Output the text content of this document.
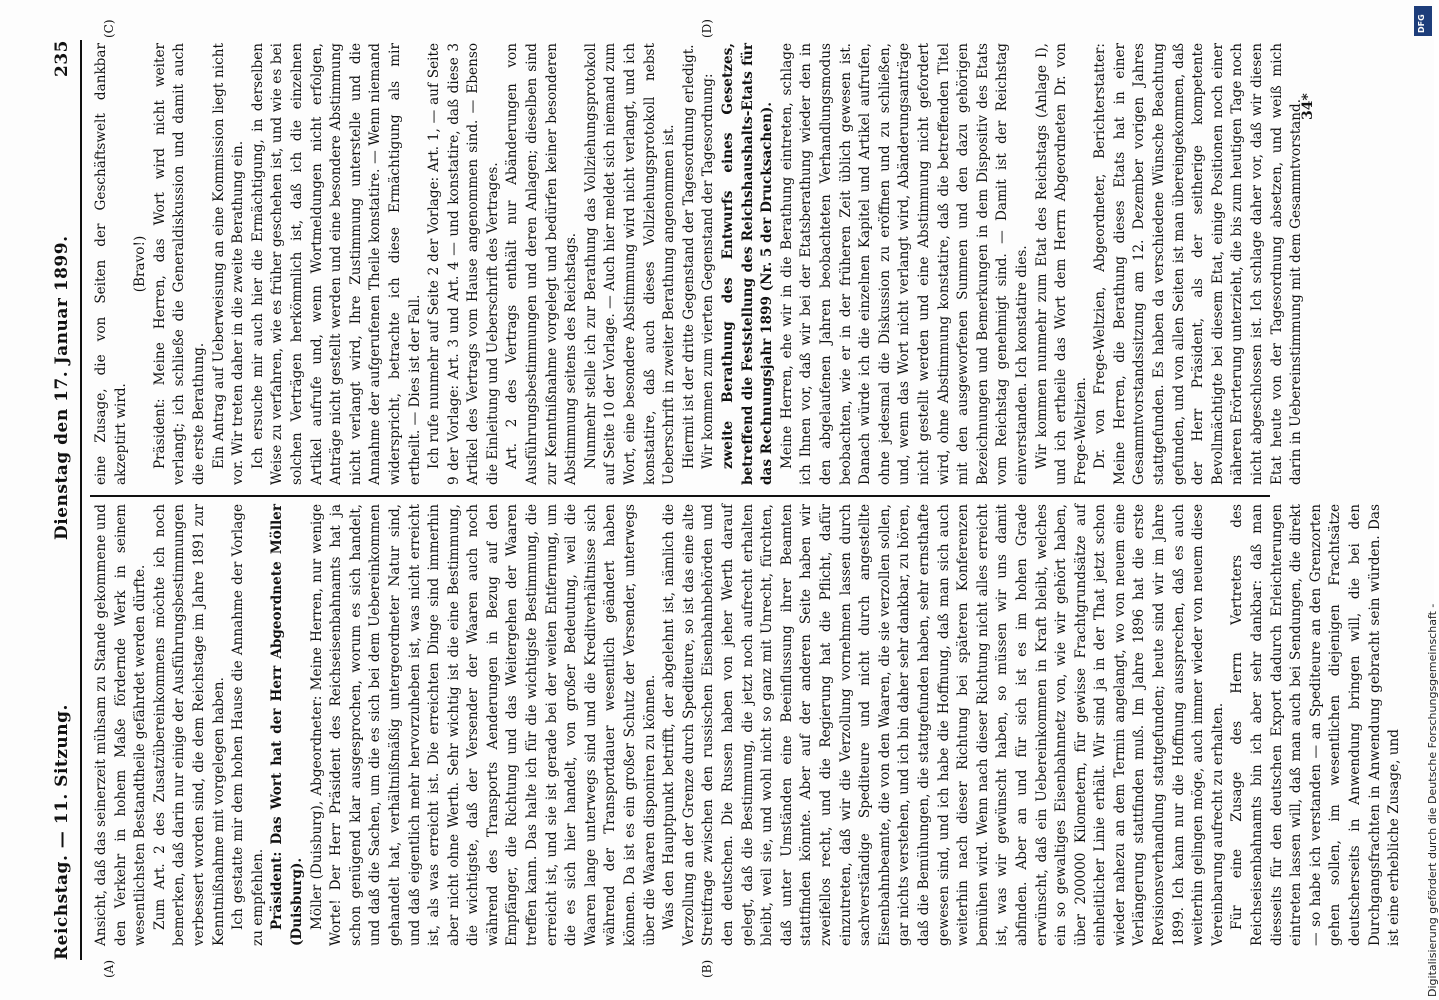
Reichstag. — 11. Sitzung.
Dienstag den 17. Januar 1899.
235
(A)	(B)
(C)	(D)

Ansicht, daß das seinerzeit mühsam zu Stande gekommene und den Verkehr in hohem Maße fördernde Werk in seinem wesentlichsten Bestandtheile gefährdet werden dürfte. Zum Art. 2 des Zusatzübereinkommens möchte ich noch bemerken, daß darin nur einige der Ausführungsbestimmungen verbessert worden sind, die dem Reichstage im Jahre 1891 zur Kenntnißnahme mit vorgelegen haben. Ich gestatte mir dem hohen Hause die Annahme der Vorlage zu empfehlen. Präsident: Das Wort hat der Herr Abgeordnete Möller (Duisburg). Möller (Duisburg), Abgeordneter: Meine Herren, nur wenige Worte! Der Herr Präsident des Reichseisenbahnamts hat ja schon genügend klar ausgesprochen, worum es sich handelt, und daß die Sachen, um die es sich bei dem Uebereinkommen gehandelt hat, verhältnißmäßig untergeordneter Natur sind, und daß eigentlich mehr hervorzuheben ist, was nicht erreicht ist, als was erreicht ist. Die erreichten Dinge sind immerhin aber nicht ohne Werth. Sehr wichtig ist die eine Bestimmung, die wichtigste, daß der Versender der Waaren auch noch während des Transports Aenderungen in Bezug auf den Empfänger, die Richtung und das Weitergehen der Waaren treffen kann. Das halte ich für die wichtigste Bestimmung, die erreicht ist, und sie ist gerade bei der weiten Entfernung, um die es sich hier handelt, von großer Bedeutung, weil die Waaren lange unterwegs sind und die Kreditverhältnisse sich während der Transportdauer wesentlich geändert haben können. Da ist es ein großer Schutz der Versender, unterwegs über die Waaren disponiren zu können. Was den Hauptpunkt betrifft, der abgelehnt ist, nämlich die Verzollung an der Grenze durch Spediteure, so ist das eine alte Streitfrage zwischen den russischen Eisenbahnbehörden und den deutschen. Die Russen haben von jeher Werth darauf gelegt, daß die Bestimmung, die jetzt noch aufrecht erhalten bleibt, weil sie, und wohl nicht so ganz mit Unrecht, fürchten, daß unter Umständen eine Beeinflussung ihrer Beamten stattfinden könnte. Aber auf der anderen Seite haben wir zweifellos recht, und die Regierung hat die Pflicht, dafür einzutreten, daß wir die Verzollung vornehmen lassen durch sachverständige Spediteure und nicht durch angestellte Eisenbahnbeamte, die von den Waaren, die sie verzollen sollen, gar nichts verstehen, und ich bin daher sehr dankbar, zu hören, daß die Bemühungen, die stattgefunden haben, sehr ernsthafte gewesen sind, und ich habe die Hoffnung, daß man sich auch weiterhin nach dieser Richtung bei späteren Konferenzen bemühen wird. Wenn nach dieser Richtung nicht alles erreicht ist, was wir gewünscht haben, so müssen wir uns damit abfinden. Aber an und für sich ist es im hohen Grade erwünscht, daß ein Uebereinkommen in Kraft bleibt, welches ein so gewaltiges Eisenbahnnetz von, wie wir gehört haben, über 200000 Kilometern, für gewisse Frachtgrundsätze auf einheitlicher Linie erhält. Wir sind ja in der That jetzt schon wieder nahezu an dem Termin angelangt, wo von neuem eine Verlängerung stattfinden muß. Im Jahre 1896 hat die erste Revisionsverhandlung stattgefunden; heute sind wir im Jahre 1899. Ich kann nur die Hoffnung aussprechen, daß es auch weiterhin gelingen möge, auch immer wieder von neuem diese Vereinbarung aufrecht zu erhalten. Für eine Zusage des Herrn Vertreters des Reichseisenbahnamts bin ich aber sehr dankbar: daß man diesseits für den deutschen Export dadurch Erleichterungen eintreten lassen will, daß man auch bei Sendungen, die direkt — so habe ich verstanden — an Spediteure an den Grenzorten gehen sollen, im wesentlichen diejenigen Frachtsätze deutscherseits in Anwendung bringen will, die bei den Durchgangsfrachten in Anwendung gebracht sein würden. Das ist eine erhebliche Zusage, und

eine Zusage, die von Seiten der Geschäftswelt dankbar akzeptirt wird.

(Bravo!) Präsident: Meine Herren, das Wort wird nicht weiter verlangt; ich schließe die Generaldiskussion und damit auch die erste Berathung. Ein Antrag auf Ueberweisung an eine Kommission liegt nicht vor. Wir treten daher in die zweite Berathung ein. Ich ersuche mir auch hier die Ermächtigung, in derselben Weise zu verfahren, wie es früher geschehen ist, und wie es bei solchen Verträgen herkömmlich ist, daß ich die einzelnen Artikel aufrufe und, wenn Wortmeldungen nicht erfolgen, Anträge nicht gestellt werden und eine besondere Abstimmung nicht verlangt wird, Ihre Zustimmung unterstelle und die Annahme der aufgerufenen Theile konstatire. — Wenn niemand widerspricht, betrachte ich diese Ermächtigung als mir ertheilt. — Dies ist der Fall. Ich rufe nunmehr auf Seite 2 der Vorlage: Art. 1, — auf Seite 9 der Vorlage: Art. 3 und Art. 4 — und konstatire, daß diese 3 Artikel des Vertrags vom Hause angenommen sind. — Ebenso die Einleitung und Ueberschrift des Vertrages. Art. 2 des Vertrags enthält nur Abänderungen von Ausführungsbestimmungen und deren Anlagen; dieselben sind zur Kenntnißnahme vorgelegt und bedürfen keiner besonderen Abstimmung seitens des Reichstags. Nunmehr stelle ich zur Berathung das Vollziehungsprotokoll auf Seite 10 der Vorlage. — Auch hier meldet sich niemand zum Wort, eine besondere Abstimmung wird nicht verlangt, und ich konstatire, daß auch dieses Vollziehungsprotokoll nebst Ueberschrift in zweiter Berathung angenommen ist. Hiermit ist der dritte Gegenstand der Tagesordnung erledigt. Wir kommen zum vierten Gegenstand der Tagesordnung: zweite Berathung des Entwurfs eines Gesetzes, betreffend die Feststellung des Reichshaushalts-Etats für das Rechnungsjahr 1899 (Nr. 5 der Drucksachen). Meine Herren, ehe wir in die Berathung eintreten, schlage ich Ihnen vor, daß wir bei der Etatsberathung wieder den in den abgelaufenen Jahren beobachteten Verhandlungsmodus beobachten, wie er in der früheren Zeit üblich gewesen ist. Danach würde ich die einzelnen Kapitel und Artikel aufrufen, ohne jedesmal die Diskussion zu eröffnen und zu schließen, und, wenn das Wort nicht verlangt wird, Abänderungsanträge nicht gestellt werden und eine Abstimmung nicht gefordert wird, ohne Abstimmung konstatire, daß die betreffenden Titel mit den ausgeworfenen Summen und den dazu gehörigen Bezeichnungen und Bemerkungen in dem Dispositiv des Etats vom Reichstag genehmigt sind. — Damit ist der Reichstag einverstanden. Ich konstatire dies. Wir kommen nunmehr zum Etat des Reichstags (Anlage I), und ich ertheile das Wort dem Herrn Abgeordneten Dr. von Frege-Weltzien. Dr. von Frege-Weltzien, Abgeordneter, Berichterstatter: Meine Herren, die Berathung dieses Etats hat in einer Gesammtvorstandssitzung am 12. Dezember vorigen Jahres stattgefunden. Es haben da verschiedene Wünsche Beachtung gefunden, und von allen Seiten ist man übereingekommen, daß der Herr Präsident, als der seitherige kompetente Bevollmächtigte bei diesem Etat, einige Positionen noch einer näheren Erörterung unterzieht, die bis zum heutigen Tage noch nicht abgeschlossen ist. Ich schlage daher vor, daß wir diesen Etat heute von der Tagesordnung absetzen, und weiß mich darin in Uebereinstimmung mit dem Gesammtvorstand.

34*
DFG
Digitalisierung gefördert durch die Deutsche Forschungsgemeinschaft -
